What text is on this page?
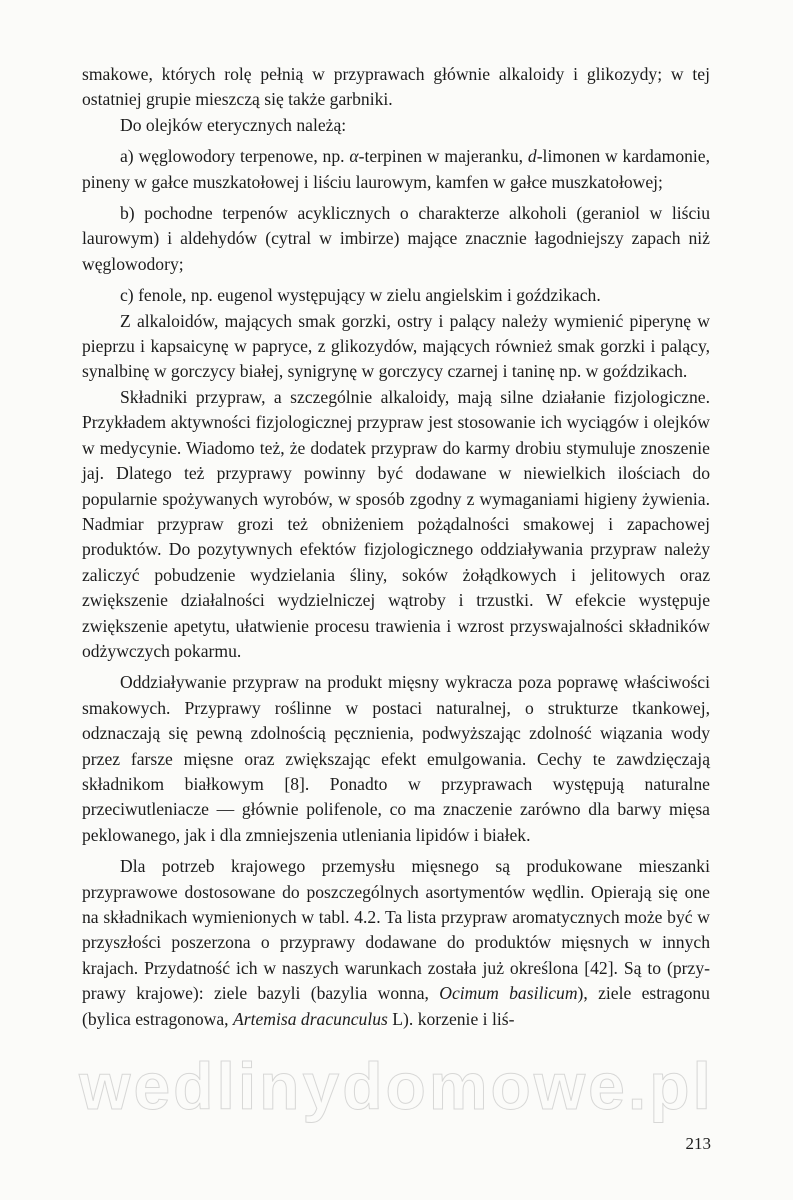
smakowe, których rolę pełnią w przyprawach głównie alkaloidy i glikozydy; w tej ostatniej grupie mieszczą się także garbniki.

Do olejków eterycznych należą:

a) węglowodory terpenowe, np. α-terpinen w majeranku, d-limonen w kardamonie, pineny w gałce muszkatołowej i liściu laurowym, kamfen w gałce muszkatołowej;

b) pochodne terpenów acyklicznych o charakterze alkoholi (geraniol w liściu laurowym) i aldehydów (cytral w imbirze) mające znacznie łagodniejszy zapach niż węglowodory;

c) fenole, np. eugenol występujący w zielu angielskim i goździkach.

Z alkaloidów, mających smak gorzki, ostry i palący należy wymienić piperynę w pieprzu i kapsaicynę w papryce, z glikozydów, mających również smak gorzki i palący, synalbinę w gorczycy białej, synigrynę w gorczycy czarnej i taninę np. w goździkach.

Składniki przypraw, a szczególnie alkaloidy, mają silne działanie fizjologiczne. Przykładem aktywności fizjologicznej przypraw jest stosowanie ich wyciągów i olejków w medycynie. Wiadomo też, że dodatek przypraw do karmy drobiu stymuluje znoszenie jaj. Dlatego też przyprawy powinny być dodawane w niewielkich ilościach do popularnie spożywanych wyrobów, w sposób zgodny z wymaganiami higieny żywienia. Nadmiar przypraw grozi też obniżeniem pożądalności smakowej i zapachowej produktów. Do pozytywnych efektów fizjologicznego oddziaływania przypraw należy zaliczyć pobudzenie wydzielania śliny, soków żołądkowych i jelitowych oraz zwiększenie działalności wydzielniczej wątroby i trzustki. W efekcie występuje zwiększenie apetytu, ułatwienie procesu trawienia i wzrost przyswajalności składników odżywczych pokarmu.

Oddziaływanie przypraw na produkt mięsny wykracza poza poprawę właściwości smakowych. Przyprawy roślinne w postaci naturalnej, o strukturze tkankowej, odznaczają się pewną zdolnością pęcznienia, podwyższając zdolność wiązania wody przez farsze mięsne oraz zwiększając efekt emulgowania. Cechy te zawdzięczają składnikom białkowym [8]. Ponadto w przyprawach występują naturalne przeciwutleniacze — głównie polifenole, co ma znaczenie zarówno dla barwy mięsa peklowanego, jak i dla zmniejszenia utleniania lipidów i białek.

Dla potrzeb krajowego przemysłu mięsnego są produkowane mieszanki przyprawowe dostosowane do poszczególnych asortymentów wędlin. Opierają się one na składnikach wymienionych w tabl. 4.2. Ta lista przypraw aromatycznych może być w przyszłości poszerzona o przyprawy dodawane do produktów mięsnych w innych krajach. Przydatność ich w naszych warunkach została już określona [42]. Są to (przyprawy krajowe): ziele bazyli (bazylia wonna, Ocimum basilicum), ziele estragonu (bylica estragonowa, Artemisa dracunculus L). korzenie i liś-

wedlinydomowe.pl
213
